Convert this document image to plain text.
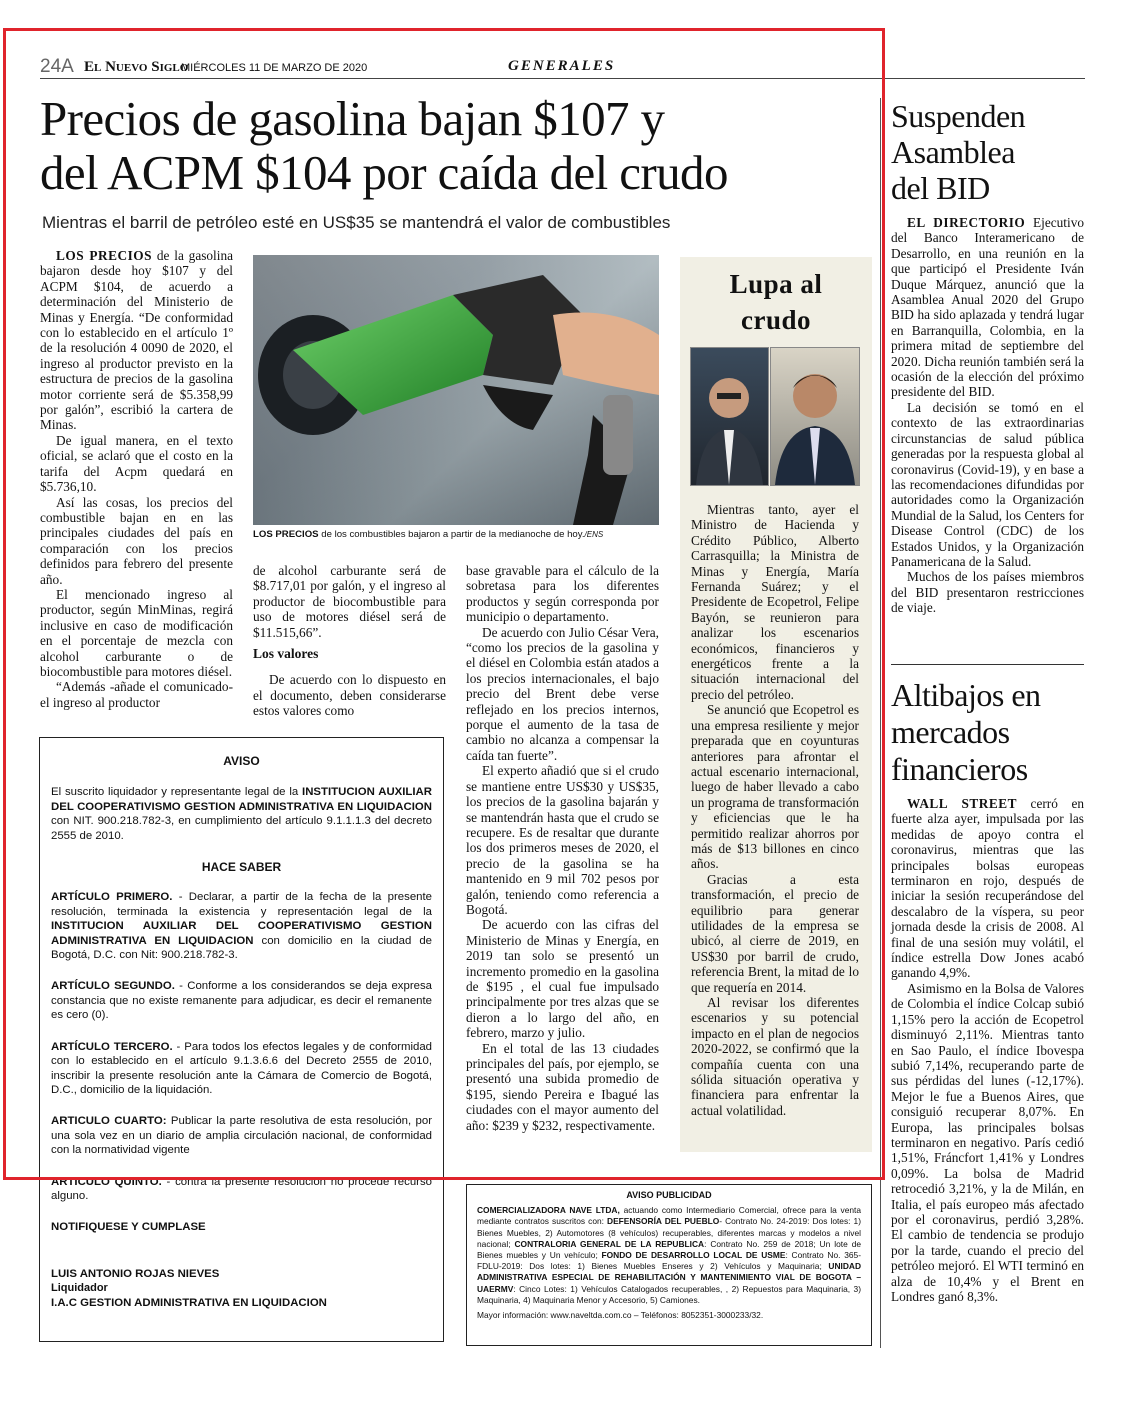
24A El Nuevo Siglo
MIÉRCOLES 11 DE MARZO DE 2020	GENERALES
Precios de gasolina bajan $107 y
del ACPM $104 por caída del crudo
Mientras el barril de petróleo esté en US$35 se mantendrá el valor de combustibles

LOS PRECIOS de la gasolina bajaron desde hoy $107 y del ACPM $104, de acuerdo a determinación del Ministerio de Minas y Energía. “De conformidad con lo establecido en el artículo 1º de la resolución 4 0090 de 2020, el ingreso al productor previsto en la estructura de precios de la gasolina motor corriente será de $5.358,99 por galón”, escribió la cartera de Minas.

De igual manera, en el texto oficial, se aclaró que el costo en la tarifa del Acpm quedará en $5.736,10.

Así las cosas, los precios del combustible bajan en en las principales ciudades del país en comparación con los precios definidos para febrero del presente año.

El mencionado ingreso al productor, según MinMinas, regirá inclusive en caso de modificación en el porcentaje de mezcla con alcohol carburante o de biocombustible para motores diésel.

“Además -añade el comunicado- el ingreso al productor

LOS PRECIOS de los combustibles bajaron a partir de la medianoche de hoy./ENS

de alcohol carburante será de $8.717,01 por galón, y el ingreso al productor de biocombustible para uso de motores diésel será de $11.515,66”.

Los valores

De acuerdo con lo dispuesto en el documento, deben considerarse estos valores como

base gravable para el cálculo de la sobretasa para los diferentes productos y según corresponda por municipio o departamento.

De acuerdo con Julio César Vera, “como los precios de la gasolina y el diésel en Colombia están atados a los precios internacionales, el bajo precio del Brent debe verse reflejado en los precios internos, porque el aumento de la tasa de cambio no alcanza a compensar la caída tan fuerte”.

El experto añadió que si el crudo se mantiene entre US$30 y US$35, los precios de la gasolina bajarán y se mantendrán hasta que el crudo se recupere. Es de resaltar que durante los dos primeros meses de 2020, el precio de la gasolina se ha mantenido en 9 mil 702 pesos por galón, teniendo como referencia a Bogotá.

De acuerdo con las cifras del Ministerio de Minas y Energía, en 2019 tan solo se presentó un incremento promedio en la gasolina de $195 , el cual fue impulsado principalmente por tres alzas que se dieron a lo largo del año, en febrero, marzo y julio.

En el total de las 13 ciudades principales del país, por ejemplo, se presentó una subida promedio de $195, siendo Pereira e Ibagué las ciudades con el mayor aumento del año: $239 y $232, respectivamente.

Lupa al
crudo

Mientras tanto, ayer el Ministro de Hacienda y Crédito Público, Alberto Carrasquilla; la Ministra de Minas y Energía, María Fernanda Suárez; y el Presidente de Ecopetrol, Felipe Bayón, se reunieron para analizar los escenarios económicos, financieros y energéticos frente a la situación internacional del precio del petróleo.

Se anunció que Ecopetrol es una empresa resiliente y mejor preparada que en coyunturas anteriores para afrontar el actual escenario internacional, luego de haber llevado a cabo un programa de transformación y eficiencias que le ha permitido realizar ahorros por más de $13 billones en cinco años.

Gracias a esta transformación, el precio de equilibrio para generar utilidades de la empresa se ubicó, al cierre de 2019, en US$30 por barril de crudo, referencia Brent, la mitad de lo que requería en 2014.

Al revisar los diferentes escenarios y su potencial impacto en el plan de negocios 2020-2022, se confirmó que la compañía cuenta con una sólida situación operativa y financiera para enfrentar la actual volatilidad.

Suspenden
Asamblea
del BID

EL DIRECTORIO Ejecutivo del Banco Interamericano de Desarrollo, en una reunión en la que participó el Presidente Iván Duque Márquez, anunció que la Asamblea Anual 2020 del Grupo BID ha sido aplazada y tendrá lugar en Barranquilla, Colombia, en la primera mitad de septiembre del 2020. Dicha reunión también será la ocasión de la elección del próximo presidente del BID.

La decisión se tomó en el contexto de las extraordinarias circunstancias de salud pública generadas por la respuesta global al coronavirus (Covid-19), y en base a las recomendaciones difundidas por autoridades como la Organización Mundial de la Salud, los Centers for Disease Control (CDC) de los Estados Unidos, y la Organización Panamericana de la Salud.

Muchos de los países miembros del BID presentaron restricciones de viaje.

Altibajos en
mercados
financieros

WALL STREET cerró en fuerte alza ayer, impulsada por las medidas de apoyo contra el coronavirus, mientras que las principales bolsas europeas terminaron en rojo, después de iniciar la sesión recuperándose del descalabro de la víspera, su peor jornada desde la crisis de 2008. Al final de una sesión muy volátil, el índice estrella Dow Jones acabó ganando 4,9%.

Asimismo en la Bolsa de Valores de Colombia el índice Colcap subió 1,15% pero la acción de Ecopetrol disminuyó 2,11%. Mientras tanto en Sao Paulo, el índice Ibovespa subió 7,14%, recuperando parte de sus pérdidas del lunes (-12,17%). Mejor le fue a Buenos Aires, que consiguió recuperar 8,07%. En Europa, las principales bolsas terminaron en negativo. París cedió 1,51%, Fráncfort 1,41% y Londres 0,09%. La bolsa de Madrid retrocedió 3,21%, y la de Milán, en Italia, el país europeo más afectado por el coronavirus, perdió 3,28%. El cambio de tendencia se produjo por la tarde, cuando el precio del petróleo mejoró. El WTI terminó en alza de 10,4% y el Brent en Londres ganó 8,3%.

AVISO

El suscrito liquidador y representante legal de la INSTITUCION AUXILIAR DEL COOPERATIVISMO GESTION ADMINISTRATIVA EN LIQUIDACION con NIT. 900.218.782-3, en cumplimiento del artículo 9.1.1.1.3 del decreto 2555 de 2010.

HACE SABER

ARTÍCULO PRIMERO. - Declarar, a partir de la fecha de la presente resolución, terminada la existencia y representación legal de la INSTITUCION AUXILIAR DEL COOPERATIVISMO GESTION ADMINISTRATIVA EN LIQUIDACION con domicilio en la ciudad de Bogotá, D.C. con Nit: 900.218.782-3.

ARTÍCULO SEGUNDO. - Conforme a los considerandos se deja expresa constancia que no existe remanente para adjudicar, es decir el remanente es cero (0).

ARTÍCULO TERCERO. - Para todos los efectos legales y de conformidad con lo establecido en el artículo 9.1.3.6.6 del Decreto 2555 de 2010, inscribir la presente resolución ante la Cámara de Comercio de Bogotá, D.C., domicilio de la liquidación.

ARTICULO CUARTO: Publicar la parte resolutiva de esta resolución, por una sola vez en un diario de amplia circulación nacional, de conformidad con la normatividad vigente

ARTICULO QUINTO. - contra la presente resolución no procede recurso alguno.

NOTIFIQUESE Y CUMPLASE
LUIS ANTONIO ROJAS NIEVES
Liquidador
I.A.C GESTION ADMINISTRATIVA EN LIQUIDACION
AVISO PUBLICIDAD
COMERCIALIZADORA NAVE LTDA, actuando como Intermediario Comercial, ofrece para la venta mediante contratos suscritos con: DEFENSORÍA DEL PUEBLO- Contrato No. 24-2019: Dos lotes: 1) Bienes Muebles, 2) Automotores (8 vehículos) recuperables, diferentes marcas y modelos a nivel nacional; CONTRALORIA GENERAL DE LA REPUBLICA: Contrato No. 259 de 2018; Un lote de Bienes muebles y Un vehículo; FONDO DE DESARROLLO LOCAL DE USME: Contrato No. 365-FDLU-2019: Dos lotes: 1) Bienes Muebles Enseres y 2) Vehículos y Maquinaria; UNIDAD ADMINISTRATIVA ESPECIAL DE REHABILITACIÓN Y MANTENIMIENTO VIAL DE BOGOTA – UAERMV: Cinco Lotes: 1) Vehículos Catalogados recuperables, , 2) Repuestos para Maquinaria, 3) Maquinaria, 4) Maquinaria Menor y Accesorio, 5) Camiones.
Mayor información: www.naveltda.com.co – Teléfonos: 8052351-3000233/32.
